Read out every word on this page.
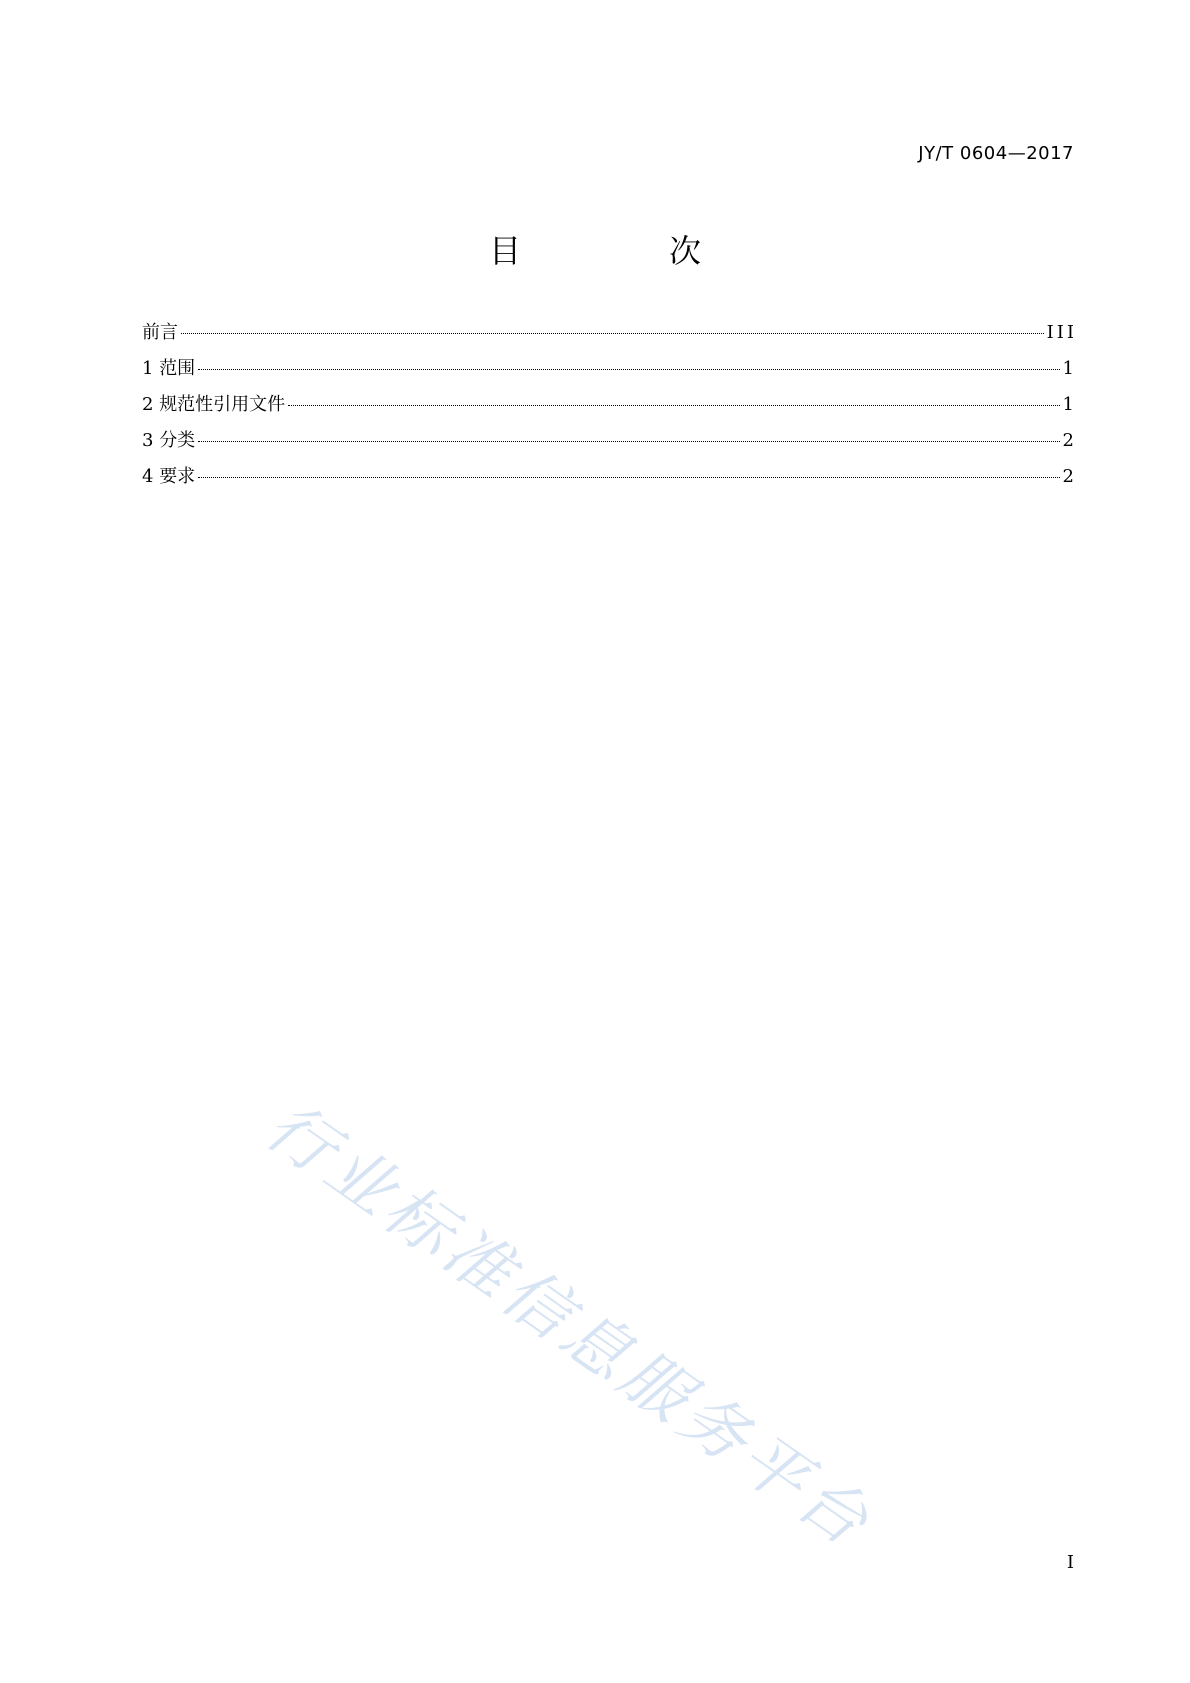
JY/T 0604—2017
目　次
前言	III
1 范围	1
2 规范性引用文件	1
3 分类	2
4 要求	2
行业标准信息服务平台	I
